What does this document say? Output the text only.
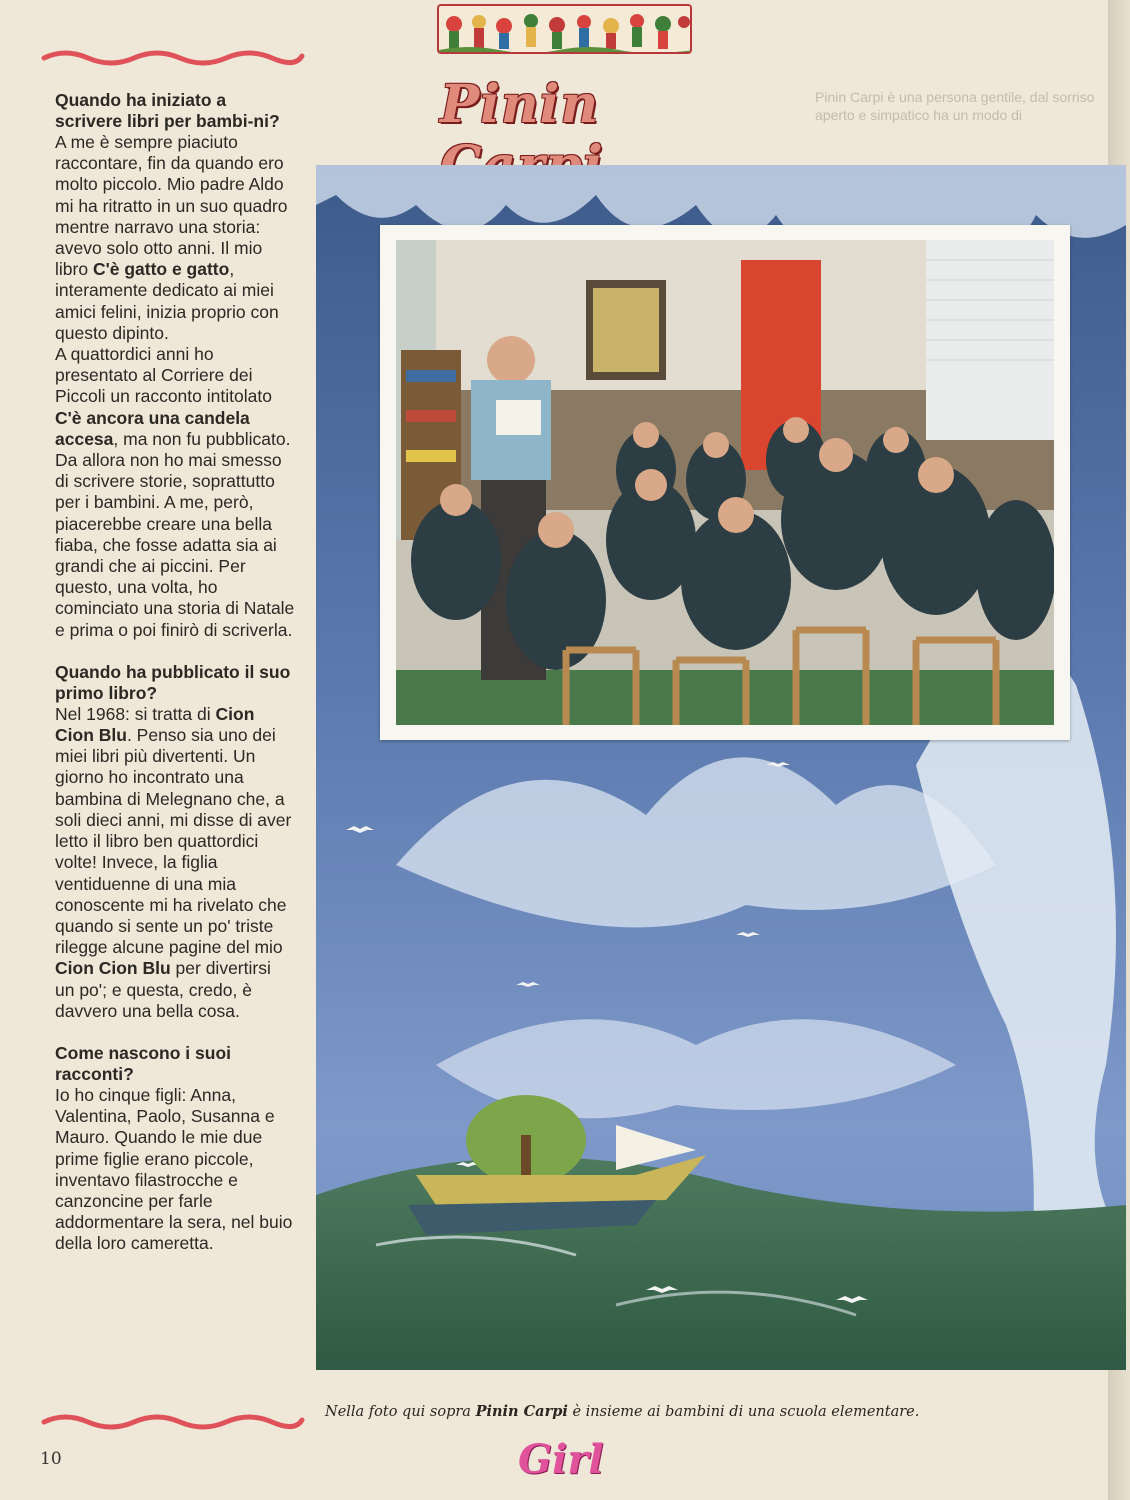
Pinin Carpi è una persona gentile, dal sorriso aperto e simpatico ha un modo di
Pinin
Quando ha iniziato a scrivere libri per bambi-ni?

A me è sempre piaciuto raccontare, fin da quando ero molto piccolo. Mio padre Aldo mi ha ritratto in un suo quadro mentre narravo una storia: avevo solo otto anni. Il mio libro C'è gatto e gatto, interamente dedicato ai miei amici felini, inizia proprio con questo dipinto.

A quattordici anni ho presentato al Corriere dei Piccoli un racconto intitolato C'è ancora una candela accesa, ma non fu pubblicato. Da allora non ho mai smesso di scrivere storie, soprattutto per i bambini. A me, però, piacerebbe creare una bella fiaba, che fosse adatta sia ai grandi che ai piccini. Per questo, una volta, ho cominciato una storia di Natale e prima o poi finirò di scriverla.

Quando ha pubblicato il suo primo libro?

Nel 1968: si tratta di Cion Cion Blu. Penso sia uno dei miei libri più divertenti. Un giorno ho incontrato una bambina di Melegnano che, a soli dieci anni, mi disse di aver letto il libro ben quattordici volte! Invece, la figlia ventiduenne di una mia conoscente mi ha rivelato che quando si sente un po' triste rilegge alcune pagine del mio Cion Cion Blu per divertirsi un po'; e questa, credo, è davvero una bella cosa.

Come nascono i suoi racconti?

Io ho cinque figli: Anna, Valentina, Paolo, Susanna e Mauro. Quando le mie due prime figlie erano piccole, inventavo filastrocche e canzoncine per farle addormentare la sera, nel buio della loro cameretta.

Nella foto qui sopra Pinin Carpi è insieme ai bambini di una scuola elementare.
10	Girl
